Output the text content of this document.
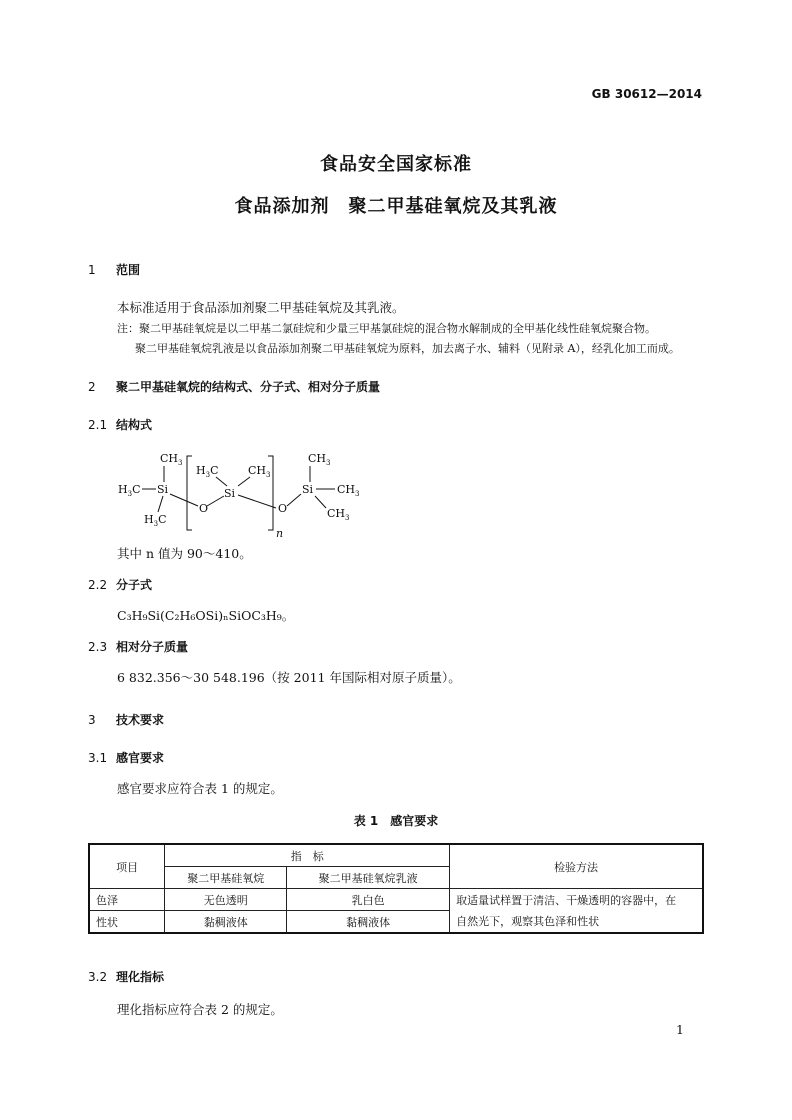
GB 30612—2014
食品安全国家标准
食品添加剂　聚二甲基硅氧烷及其乳液
1 范围
本标准适用于食品添加剂聚二甲基硅氧烷及其乳液。
注：聚二甲基硅氧烷是以二甲基二氯硅烷和少量三甲基氯硅烷的混合物水解制成的全甲基化线性硅氧烷聚合物。
聚二甲基硅氧烷乳液是以食品添加剂聚二甲基硅氧烷为原料，加去离子水、辅料（见附录 A），经乳化加工而成。
2 聚二甲基硅氧烷的结构式、分子式、相对分子质量
2.1 结构式
$CH_3$
$H_3C$ Si
$H_3C$
O
n
Si
$H_3C$	$CH_3$
O
Si
$CH_3$
$CH_3$
$CH_3$
其中 n 值为 90～410。
2.2 分子式
C₃H₉Si(C₂H₆OSi)ₙSiOC₃H₉。
2.3 相对分子质量
6 832.356～30 548.196（按 2011 年国际相对原子质量）。
3 技术要求
3.1 感官要求
感官要求应符合表 1 的规定。
表 1　感官要求
项目	指　标		检验方法
	聚二甲基硅氧烷	聚二甲基硅氧烷乳液	
色泽	无色透明	乳白色	取适量试样置于清洁、干燥透明的容器中，在
自然光下，观察其色泽和性状

性状	黏稠液体	黏稠液体	
3.2 理化指标
理化指标应符合表 2 的规定。
1
